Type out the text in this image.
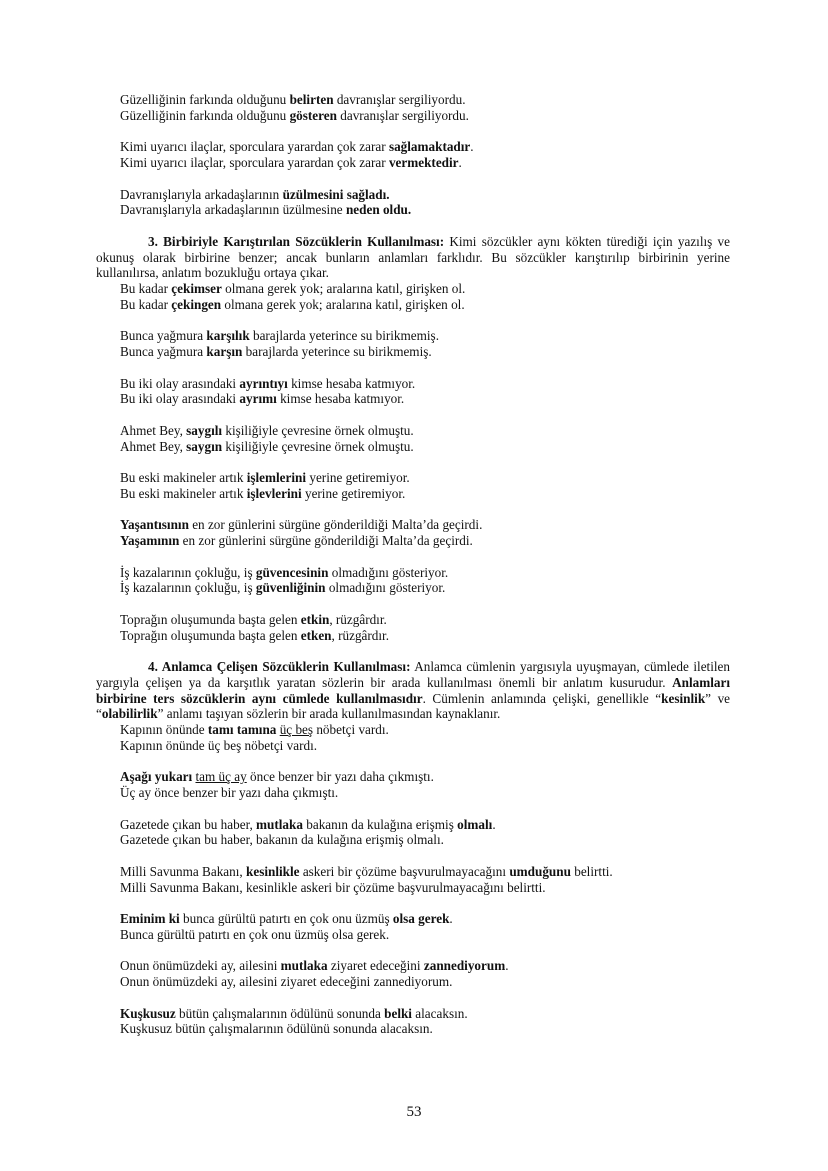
Güzelliğinin farkında olduğunu belirten davranışlar sergiliyordu.
Güzelliğinin farkında olduğunu gösteren davranışlar sergiliyordu.
Kimi uyarıcı ilaçlar, sporculara yarardan çok zarar sağlamaktadır.
Kimi uyarıcı ilaçlar, sporculara yarardan çok zarar vermektedir.
Davranışlarıyla arkadaşlarının üzülmesini sağladı.
Davranışlarıyla arkadaşlarının üzülmesine neden oldu.
3. Birbiriyle Karıştırılan Sözcüklerin Kullanılması: Kimi sözcükler aynı kökten türediği için yazılış ve okunuş olarak birbirine benzer; ancak bunların anlamları farklıdır. Bu sözcükler karıştırılıp birbirinin yerine kullanılırsa, anlatım bozukluğu ortaya çıkar.
Bu kadar çekimser olmana gerek yok; aralarına katıl, girişken ol.
Bu kadar çekingen olmana gerek yok; aralarına katıl, girişken ol.
Bunca yağmura karşılık barajlarda yeterince su birikmemiş.
Bunca yağmura karşın barajlarda yeterince su birikmemiş.
Bu iki olay arasındaki ayrıntıyı kimse hesaba katmıyor.
Bu iki olay arasındaki ayrımı kimse hesaba katmıyor.
Ahmet Bey, saygılı kişiliğiyle çevresine örnek olmuştu.
Ahmet Bey, saygın kişiliğiyle çevresine örnek olmuştu.
Bu eski makineler artık işlemlerini yerine getiremiyor.
Bu eski makineler artık işlevlerini yerine getiremiyor.
Yaşantısının en zor günlerini sürgüne gönderildiği Malta’da geçirdi.
Yaşamının en zor günlerini sürgüne gönderildiği Malta’da geçirdi.
İş kazalarının çokluğu, iş güvencesinin olmadığını gösteriyor.
İş kazalarının çokluğu, iş güvenliğinin olmadığını gösteriyor.
Toprağın oluşumunda başta gelen etkin, rüzgârdır.
Toprağın oluşumunda başta gelen etken, rüzgârdır.
4. Anlamca Çelişen Sözcüklerin Kullanılması: Anlamca cümlenin yargısıyla uyuşmayan, cümlede iletilen yargıyla çelişen ya da karşıtlık yaratan sözlerin bir arada kullanılması önemli bir anlatım kusurudur. Anlamları birbirine ters sözcüklerin aynı cümlede kullanılmasıdır. Cümlenin anlamında çelişki, genellikle “kesinlik” ve “olabilirlik” anlamı taşıyan sözlerin bir arada kullanılmasından kaynaklanır.
Kapının önünde tamı tamına üç beş nöbetçi vardı.
Kapının önünde üç beş nöbetçi vardı.
Aşağı yukarı tam üç ay önce benzer bir yazı daha çıkmıştı.
Üç ay önce benzer bir yazı daha çıkmıştı.
Gazetede çıkan bu haber, mutlaka bakanın da kulağına erişmiş olmalı.
Gazetede çıkan bu haber, bakanın da kulağına erişmiş olmalı.
Milli Savunma Bakanı, kesinlikle askeri bir çözüme başvurulmayacağını umduğunu belirtti.
Milli Savunma Bakanı, kesinlikle askeri bir çözüme başvurulmayacağını belirtti.
Eminim ki bunca gürültü patırtı en çok onu üzmüş olsa gerek.
Bunca gürültü patırtı en çok onu üzmüş olsa gerek.
Onun önümüzdeki ay, ailesini mutlaka ziyaret edeceğini zannediyorum.
Onun önümüzdeki ay, ailesini ziyaret edeceğini zannediyorum.
Kuşkusuz bütün çalışmalarının ödülünü sonunda belki alacaksın.
Kuşkusuz bütün çalışmalarının ödülünü sonunda alacaksın.
53
